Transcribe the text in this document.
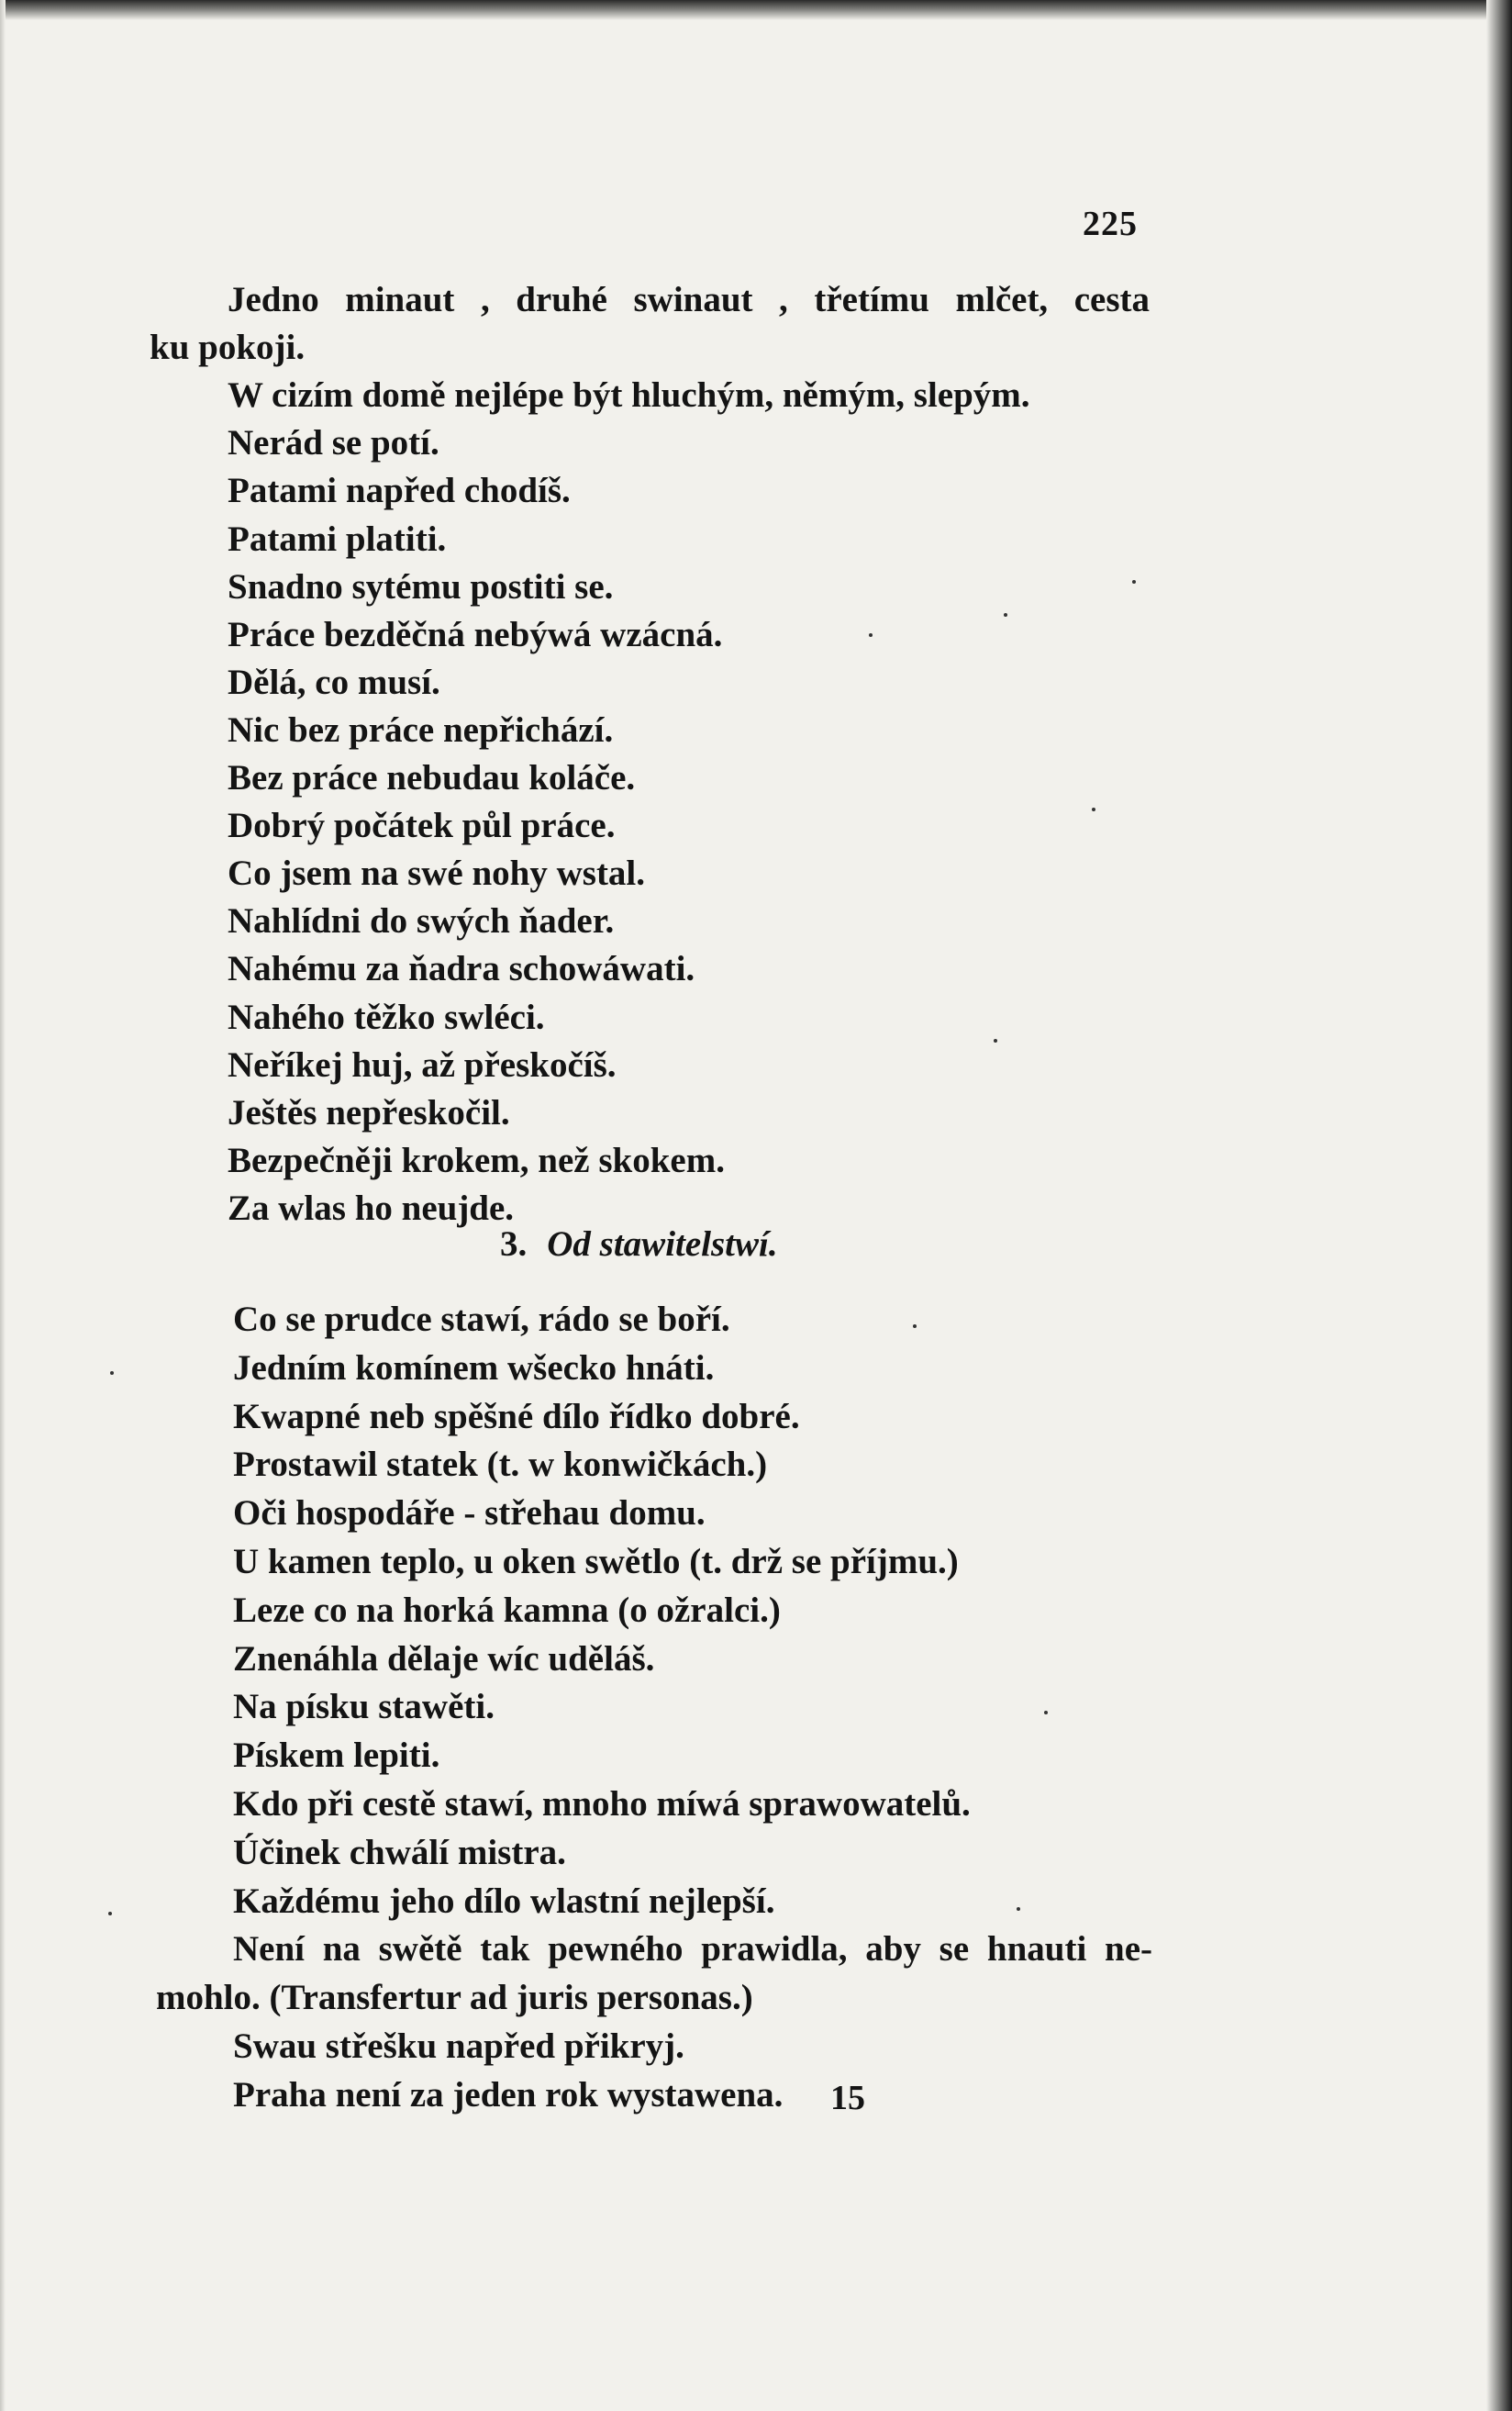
225
Jedno minaut , druhé swinaut , třetímu mlčet, cesta
ku pokoji.
W cizím domě nejlépe být hluchým, němým, slepým.
Nerád se potí.
Patami napřed chodíš.
Patami platiti.
Snadno sytému postiti se.
Práce bezděčná nebýwá wzácná.
Dělá, co musí.
Nic bez práce nepřichází.
Bez práce nebudau koláče.
Dobrý počátek půl práce.
Co jsem na swé nohy wstal.
Nahlídni do swých ňader.
Nahému za ňadra schowáwati.
Nahého těžko swléci.
Neříkej huj, až přeskočíš.
Ještěs nepřeskočil.
Bezpečněji krokem, než skokem.
Za wlas ho neujde.
3. Od stawitelstwí.
Co se prudce stawí, rádo se boří.
Jedním komínem wšecko hnáti.
Kwapné neb spěšné dílo řídko dobré.
Prostawil statek (t. w konwičkách.)
Oči hospodáře - střehau domu.
U kamen teplo, u oken swětlo (t. drž se příjmu.)
Leze co na horká kamna (o ožralci.)
Znenáhla dělaje wíc uděláš.
Na písku stawěti.
Pískem lepiti.
Kdo při cestě stawí, mnoho míwá sprawowatelů.
Účinek chwálí mistra.
Každému jeho dílo wlastní nejlepší.
Není na swětě tak pewného prawidla, aby se hnauti ne-
mohlo. (Transfertur ad juris personas.)
Swau střešku napřed přikryj.
Praha není za jeden rok wystawena. 15
